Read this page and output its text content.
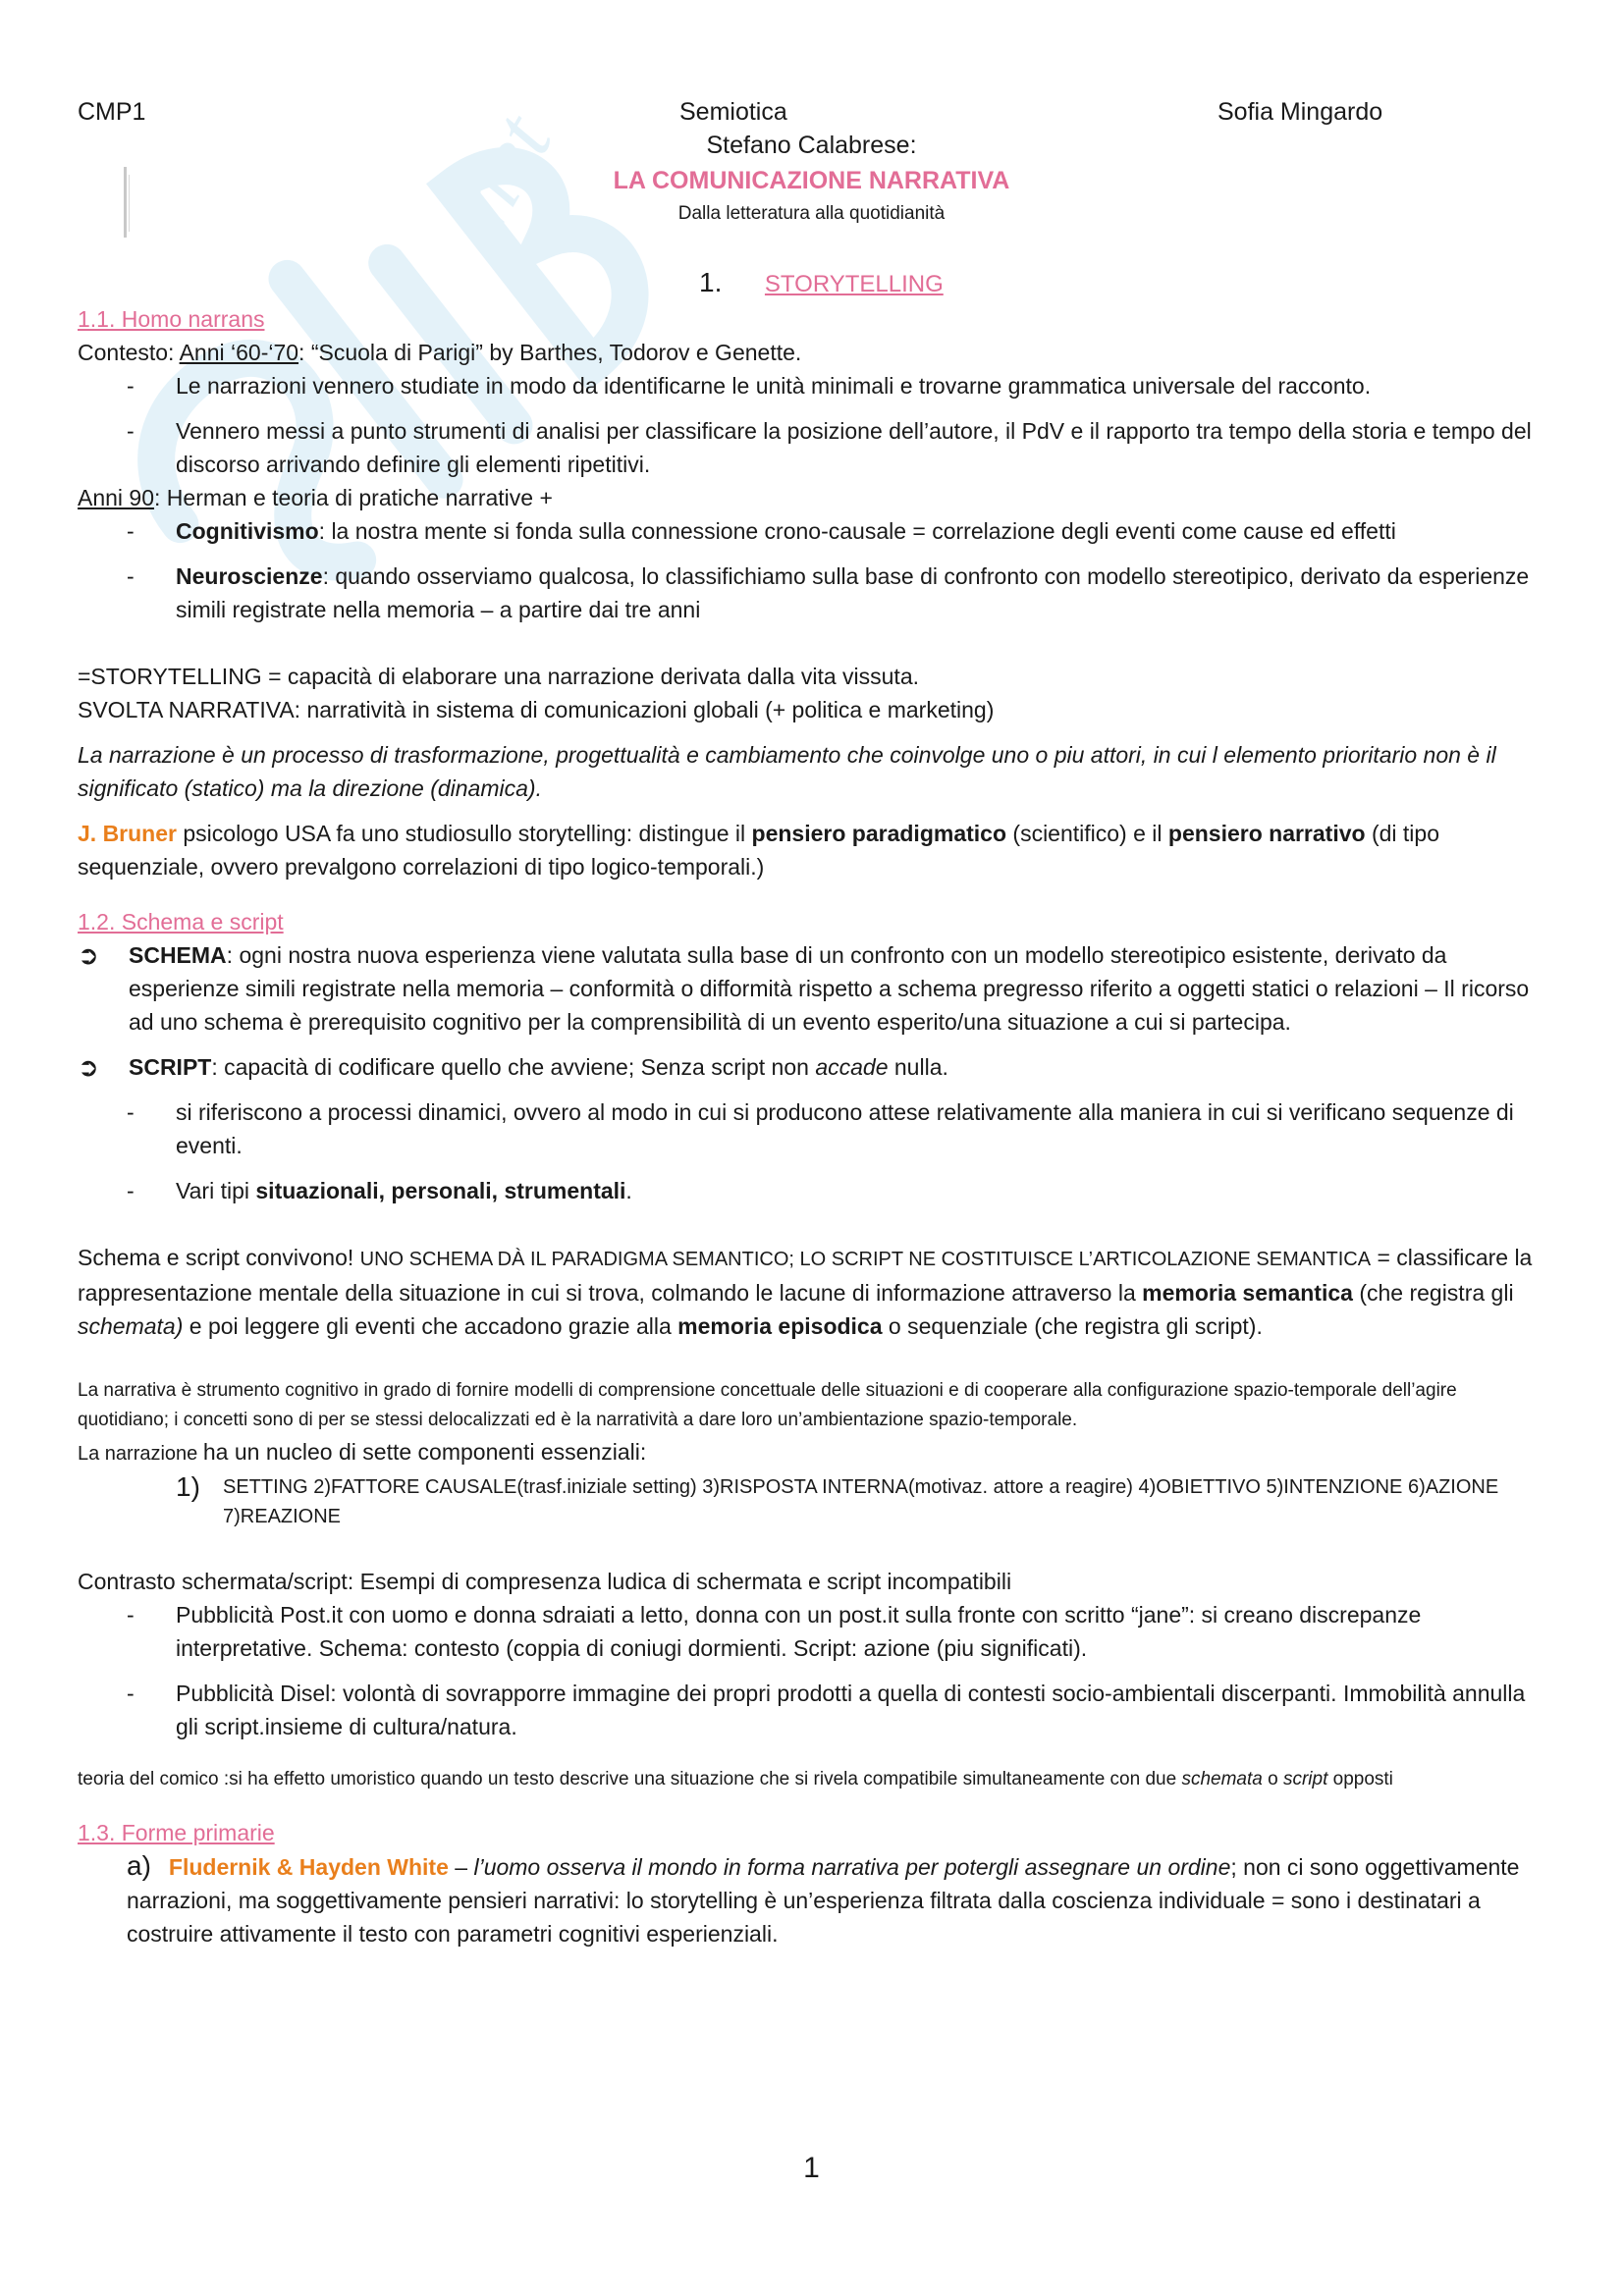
.net
CMP1	Semiotica	Sofia Mingardo
Stefano Calabrese:
LA COMUNICAZIONE NARRATIVA
Dalla letteratura alla quotidianità
1. STORYTELLING

1.1. Homo narrans

Contesto: Anni ‘60-‘70: “Scuola di Parigi” by Barthes, Todorov e Genette.

-	Le narrazioni vennero studiate in modo da identificarne le unità minimali e trovarne grammatica universale del racconto.
-	Vennero messi a punto strumenti di analisi per classificare la posizione dell’autore, il PdV e il rapporto tra tempo della storia e tempo del discorso arrivando definire gli elementi ripetitivi.

Anni 90: Herman e teoria di pratiche narrative +

-	Cognitivismo: la nostra mente si fonda sulla connessione crono-causale = correlazione degli eventi come cause ed effetti
-	Neuroscienze: quando osserviamo qualcosa, lo classifichiamo sulla base di confronto con modello stereotipico, derivato da esperienze simili registrate nella memoria – a partire dai tre anni

=STORYTELLING = capacità di elaborare una narrazione derivata dalla vita vissuta.

SVOLTA NARRATIVA: narratività in sistema di comunicazioni globali (+ politica e marketing)

La narrazione è un processo di trasformazione, progettualità e cambiamento che coinvolge uno o piu attori, in cui l elemento prioritario non è il significato (statico) ma la direzione (dinamica).

J. Bruner psicologo USA fa uno studiosullo storytelling: distingue il pensiero paradigmatico (scientifico) e il pensiero narrativo (di tipo sequenziale, ovvero prevalgono correlazioni di tipo logico-temporali.)

1.2. Schema e script

➲	SCHEMA: ogni nostra nuova esperienza viene valutata sulla base di un confronto con un modello stereotipico esistente, derivato da esperienze simili registrate nella memoria – conformità o difformità rispetto a schema pregresso riferito a oggetti statici o relazioni – Il ricorso ad uno schema è prerequisito cognitivo per la comprensibilità di un evento esperito/una situazione a cui si partecipa.
➲	SCRIPT: capacità di codificare quello che avviene; Senza script non accade nulla.
-	si riferiscono a processi dinamici, ovvero al modo in cui si producono attese relativamente alla maniera in cui si verificano sequenze di eventi.
-	Vari tipi situazionali, personali, strumentali.

Schema e script convivono! UNO SCHEMA DÀ IL PARADIGMA SEMANTICO; LO SCRIPT NE COSTITUISCE L’ARTICOLAZIONE SEMANTICA = classificare la rappresentazione mentale della situazione in cui si trova, colmando le lacune di informazione attraverso la memoria semantica (che registra gli schemata) e poi leggere gli eventi che accadono grazie alla memoria episodica o sequenziale (che registra gli script).

La narrativa è strumento cognitivo in grado di fornire modelli di comprensione concettuale delle situazioni e di cooperare alla configurazione spazio-temporale dell’agire quotidiano; i concetti sono di per se stessi delocalizzati ed è la narratività a dare loro un’ambientazione spazio-temporale.

La narrazione ha un nucleo di sette componenti essenziali:

1)	SETTING 2)FATTORE CAUSALE(trasf.iniziale setting) 3)RISPOSTA INTERNA(motivaz. attore a reagire) 4)OBIETTIVO 5)INTENZIONE 6)AZIONE 7)REAZIONE

Contrasto schermata/script: Esempi di compresenza ludica di schermata e script incompatibili

-	Pubblicità Post.it con uomo e donna sdraiati a letto, donna con un post.it sulla fronte con scritto “jane”: si creano discrepanze interpretative. Schema: contesto (coppia di coniugi dormienti. Script: azione (piu significati).
-	Pubblicità Disel: volontà di sovrapporre immagine dei propri prodotti a quella di contesti socio-ambientali discerpanti. Immobilità annulla gli script.insieme di cultura/natura.

teoria del comico :si ha effetto umoristico quando un testo descrive una situazione che si rivela compatibile simultaneamente con due schemata o script opposti

1.3. Forme primarie

a) Fludernik & Hayden White – l’uomo osserva il mondo in forma narrativa per potergli assegnare un ordine; non ci sono oggettivamente narrazioni, ma soggettivamente pensieri narrativi: lo storytelling è un’esperienza filtrata dalla coscienza individuale = sono i destinatari a costruire attivamente il testo con parametri cognitivi esperienziali.

1
